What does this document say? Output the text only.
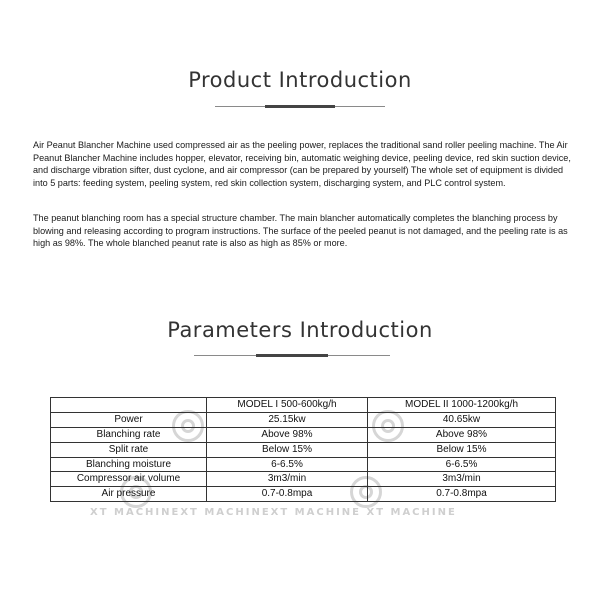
Product Introduction

Air Peanut Blancher Machine used compressed air as the peeling power, replaces the traditional sand roller peeling machine. The Air Peanut Blancher Machine includes hopper, elevator, receiving bin, automatic weighing device, peeling device, red skin suction device, and discharge vibration sifter, dust cyclone, and air compressor (can be prepared by yourself) The whole set of equipment is divided into 5 parts: feeding system, peeling system, red skin collection system, discharging system, and PLC control system.

The peanut blanching room has a special structure chamber. The main blancher automatically completes the blanching process by blowing and releasing according to program instructions. The surface of the peeled peanut is not damaged, and the peeling rate is as high as 98%. The whole blanched peanut rate is also as high as 85% or more.

Parameters Introduction
XT MACHINEXT MACHINEXT MACHINE XT MACHINE
	MODEL I 500-600kg/h	MODEL II 1000-1200kg/h
Power	25.15kw	40.65kw
Blanching rate	Above 98%	Above 98%
Split rate	Below 15%	Below 15%
Blanching moisture	6-6.5%	6-6.5%
Compressor air volume	3m3/min	3m3/min
Air pressure	0.7-0.8mpa	0.7-0.8mpa
